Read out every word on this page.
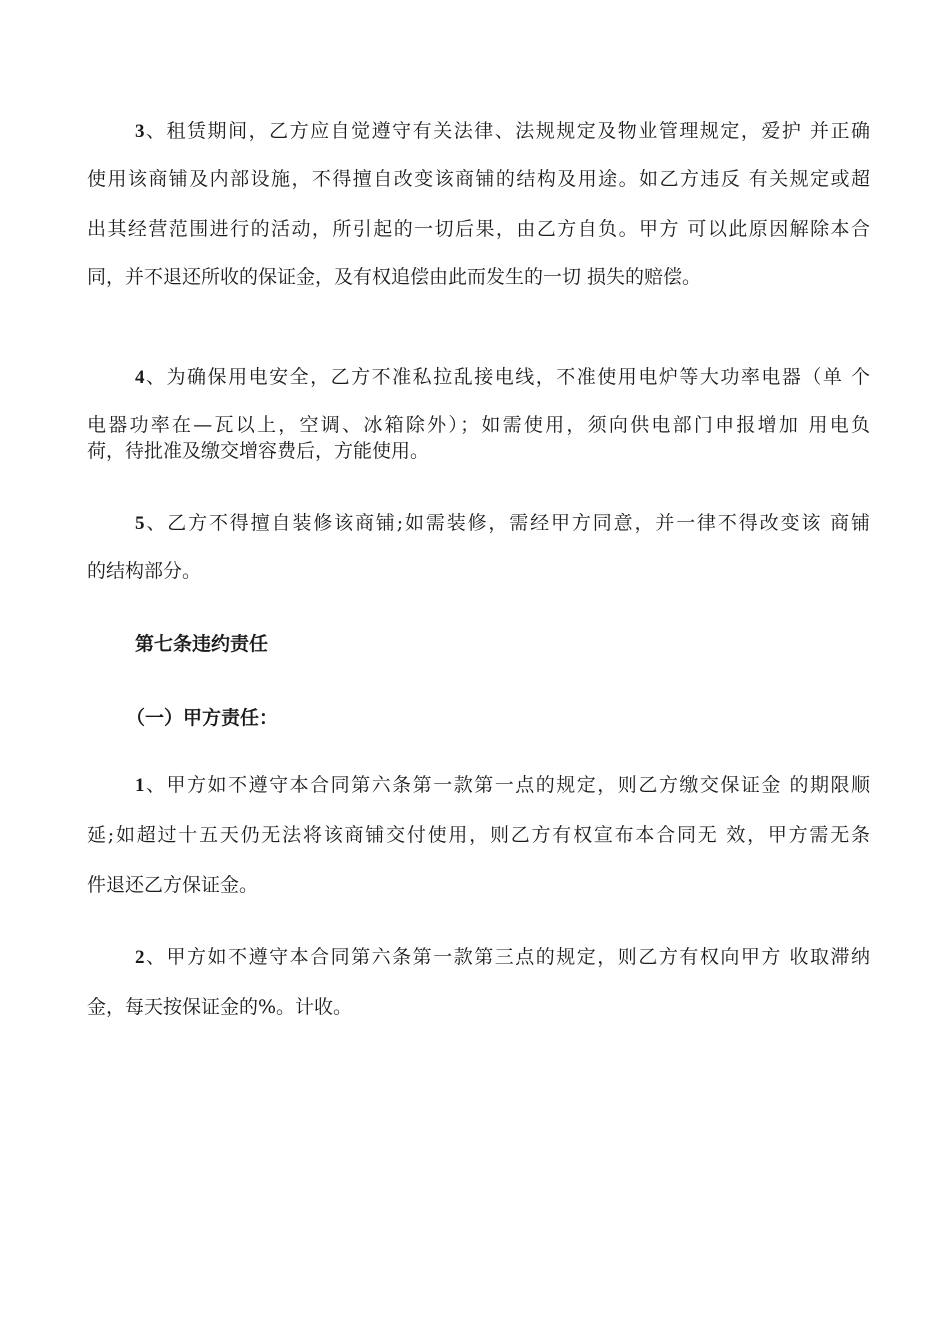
3、租赁期间，乙方应自觉遵守有关法律、法规规定及物业管理规定，爱护 并正确
使用该商铺及内部设施，不得擅自改变该商铺的结构及用途。如乙方违反 有关规定或超
出其经营范围进行的活动，所引起的一切后果，由乙方自负。甲方 可以此原因解除本合
同，并不退还所收的保证金，及有权追偿由此而发生的一切 损失的赔偿。
4、为确保用电安全，乙方不准私拉乱接电线，不准使用电炉等大功率电器（单 个
电器功率在—瓦以上，空调、冰箱除外）；如需使用，须向供电部门申报增加 用电负
荷，待批准及缴交增容费后，方能使用。
5、乙方不得擅自装修该商铺;如需装修，需经甲方同意，并一律不得改变该 商铺
的结构部分。
第七条违约责任
（一）甲方责任：
1、甲方如不遵守本合同第六条第一款第一点的规定，则乙方缴交保证金 的期限顺
延;如超过十五天仍无法将该商铺交付使用，则乙方有权宣布本合同无 效，甲方需无条
件退还乙方保证金。
2、甲方如不遵守本合同第六条第一款第三点的规定，则乙方有权向甲方 收取滞纳
金，每天按保证金的%。计收。
